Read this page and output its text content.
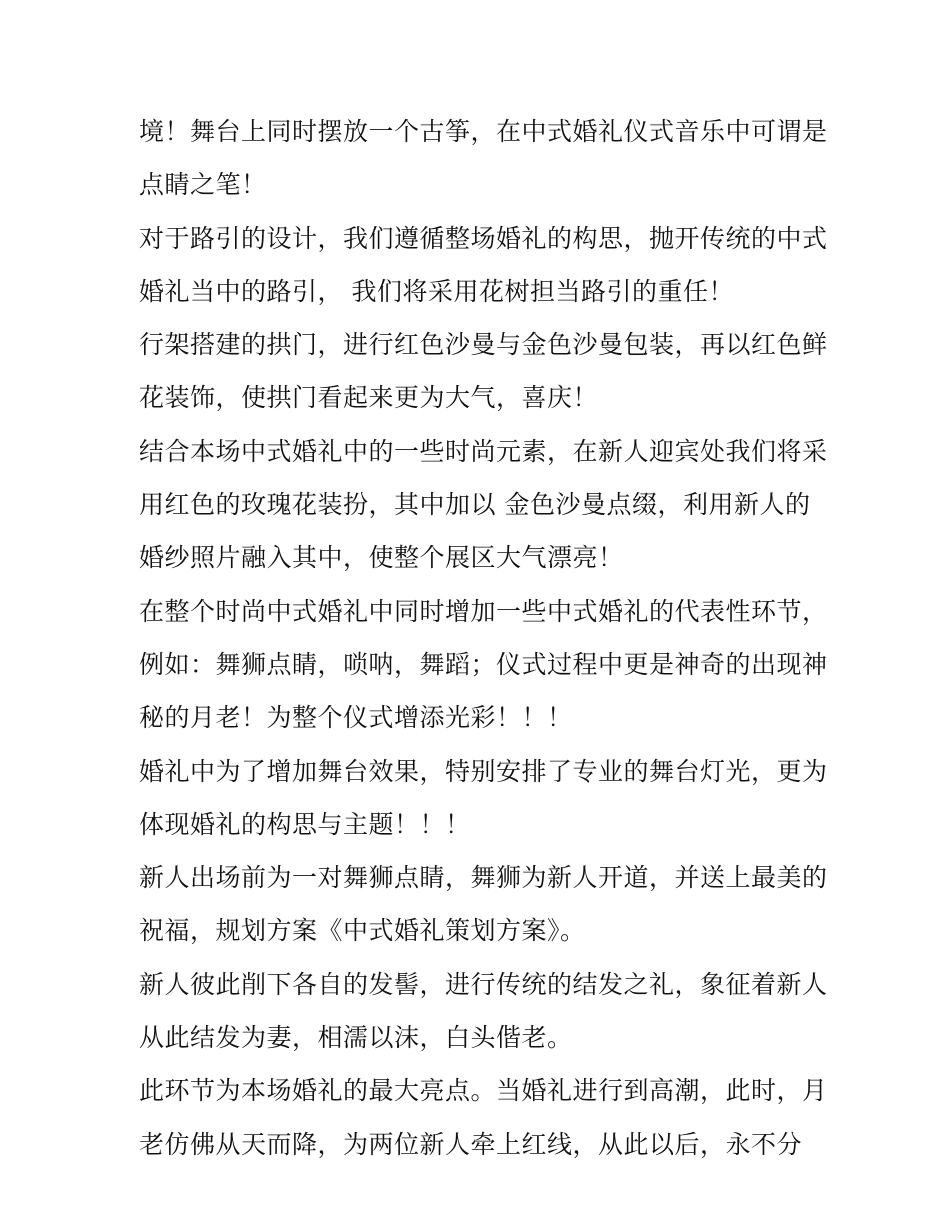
境！舞台上同时摆放一个古筝，在中式婚礼仪式音乐中可谓是
点睛之笔！
对于路引的设计，我们遵循整场婚礼的构思，抛开传统的中式
婚礼当中的路引， 我们将采用花树担当路引的重任！
行架搭建的拱门，进行红色沙曼与金色沙曼包装，再以红色鲜
花装饰，使拱门看起来更为大气，喜庆！
结合本场中式婚礼中的一些时尚元素，在新人迎宾处我们将采
用红色的玫瑰花装扮，其中加以 金色沙曼点缀，利用新人的
婚纱照片融入其中，使整个展区大气漂亮！
在整个时尚中式婚礼中同时增加一些中式婚礼的代表性环节，
例如：舞狮点睛，唢呐，舞蹈；仪式过程中更是神奇的出现神
秘的月老！为整个仪式增添光彩！！！
婚礼中为了增加舞台效果，特别安排了专业的舞台灯光，更为
体现婚礼的构思与主题！！！
新人出场前为一对舞狮点睛，舞狮为新人开道，并送上最美的
祝福，规划方案《中式婚礼策划方案》。
新人彼此削下各自的发髻，进行传统的结发之礼，象征着新人
从此结发为妻，相濡以沫，白头偕老。
此环节为本场婚礼的最大亮点。当婚礼进行到高潮，此时，月
老仿佛从天而降，为两位新人牵上红线，从此以后，永不分
